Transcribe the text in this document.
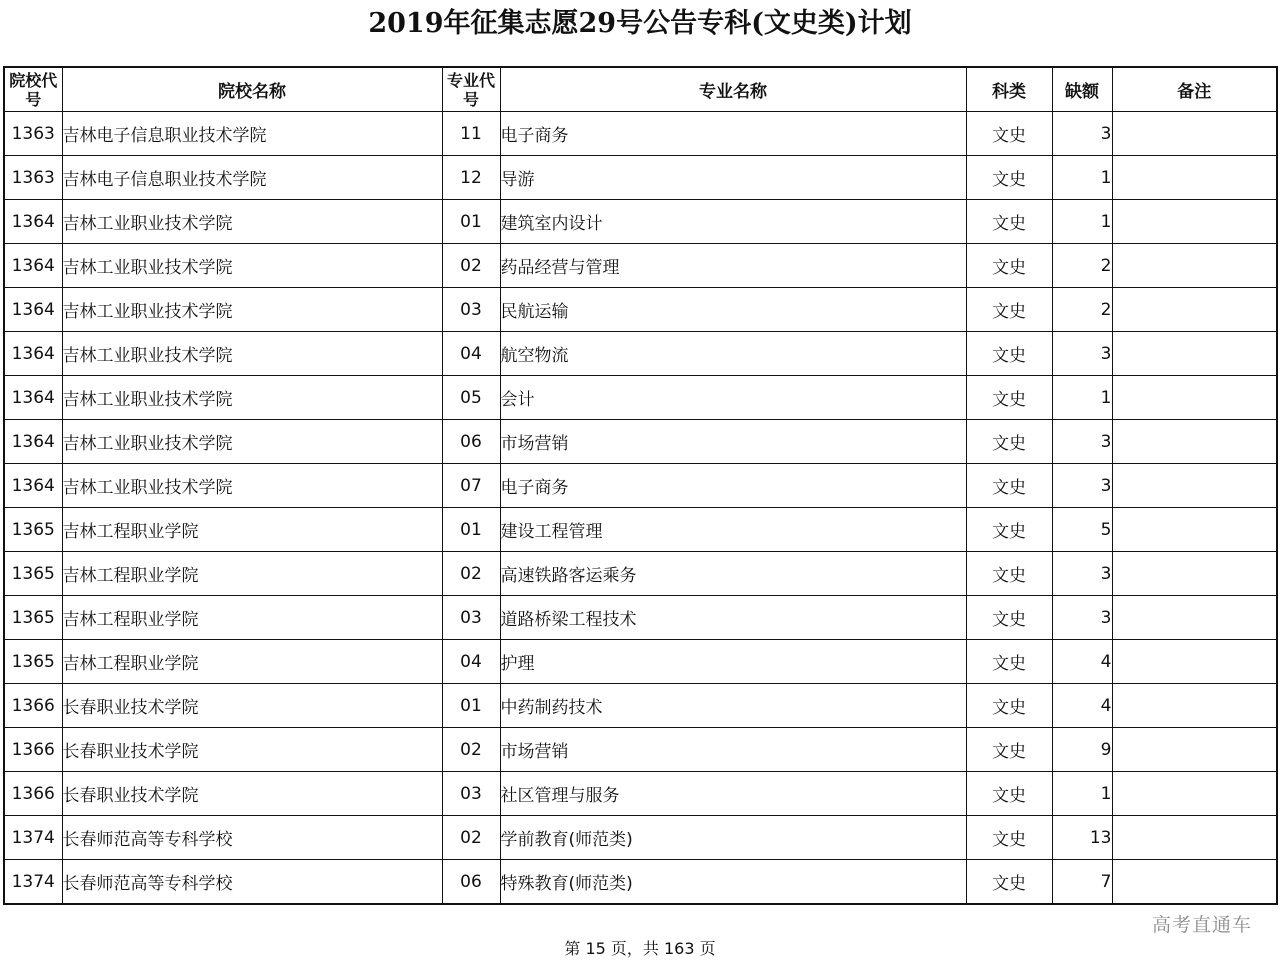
2019年征集志愿29号公告专科(文史类)计划
院校代号	院校名称	专业代号	专业名称	科类	缺额	备注
1363	吉林电子信息职业技术学院	11	电子商务	文史	3	
1363	吉林电子信息职业技术学院	12	导游	文史	1	
1364	吉林工业职业技术学院	01	建筑室内设计	文史	1	
1364	吉林工业职业技术学院	02	药品经营与管理	文史	2	
1364	吉林工业职业技术学院	03	民航运输	文史	2	
1364	吉林工业职业技术学院	04	航空物流	文史	3	
1364	吉林工业职业技术学院	05	会计	文史	1	
1364	吉林工业职业技术学院	06	市场营销	文史	3	
1364	吉林工业职业技术学院	07	电子商务	文史	3	
1365	吉林工程职业学院	01	建设工程管理	文史	5	
1365	吉林工程职业学院	02	高速铁路客运乘务	文史	3	
1365	吉林工程职业学院	03	道路桥梁工程技术	文史	3	
1365	吉林工程职业学院	04	护理	文史	4	
1366	长春职业技术学院	01	中药制药技术	文史	4	
1366	长春职业技术学院	02	市场营销	文史	9	
1366	长春职业技术学院	03	社区管理与服务	文史	1	
1374	长春师范高等专科学校	02	学前教育(师范类)	文史	13	
1374	长春师范高等专科学校	06	特殊教育(师范类)	文史	7	
高考直通车
第 15 页，共 163 页
